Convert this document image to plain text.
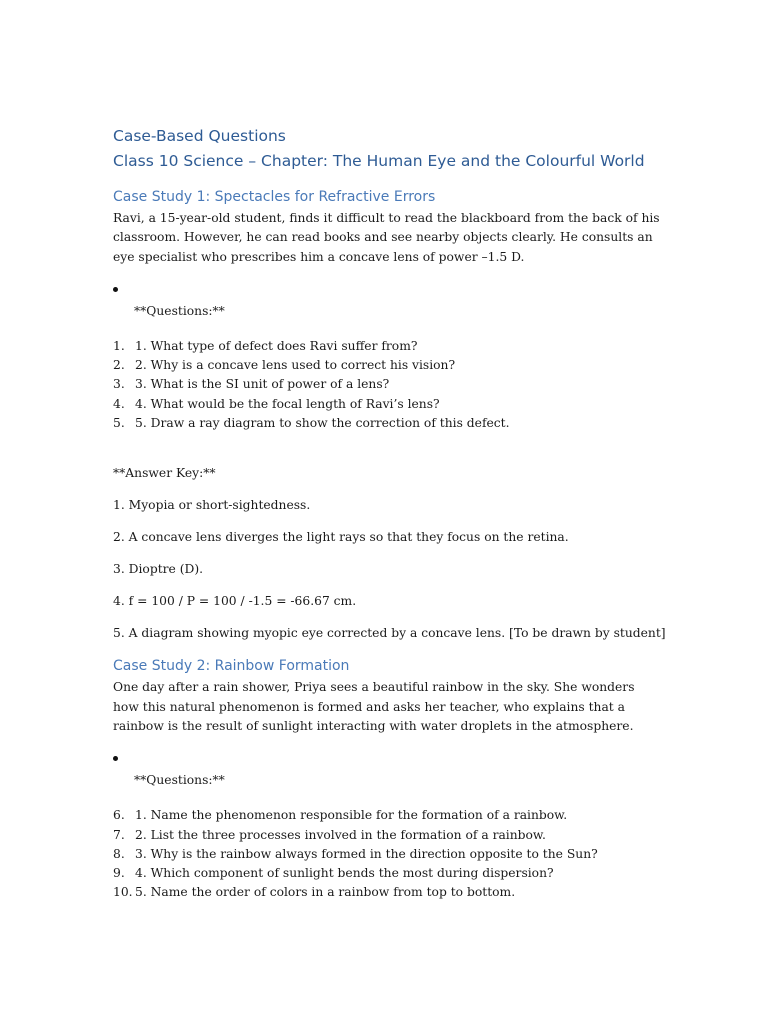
Case-Based Questions
Class 10 Science – Chapter: The Human Eye and the Colourful World
Case Study 1: Spectacles for Refractive Errors

Ravi, a 15-year-old student, finds it difficult to read the blackboard from the back of his classroom. However, he can read books and see nearby objects clearly. He consults an eye specialist who prescribes him a concave lens of power –1.5 D.

**Questions:**
1. 1. What type of defect does Ravi suffer from?
2. 2. Why is a concave lens used to correct his vision?
3. 3. What is the SI unit of power of a lens?
4. 4. What would be the focal length of Ravi’s lens?
5. 5. Draw a ray diagram to show the correction of this defect.

**Answer Key:**

1. Myopia or short-sightedness.

2. A concave lens diverges the light rays so that they focus on the retina.

3. Dioptre (D).

4. f = 100 / P = 100 / -1.5 = -66.67 cm.

5. A diagram showing myopic eye corrected by a concave lens. [To be drawn by student]

Case Study 2: Rainbow Formation

One day after a rain shower, Priya sees a beautiful rainbow in the sky. She wonders how this natural phenomenon is formed and asks her teacher, who explains that a rainbow is the result of sunlight interacting with water droplets in the atmosphere.

**Questions:**
6. 1. Name the phenomenon responsible for the formation of a rainbow.
7. 2. List the three processes involved in the formation of a rainbow.
8. 3. Why is the rainbow always formed in the direction opposite to the Sun?
9. 4. Which component of sunlight bends the most during dispersion?
10. 5. Name the order of colors in a rainbow from top to bottom.
